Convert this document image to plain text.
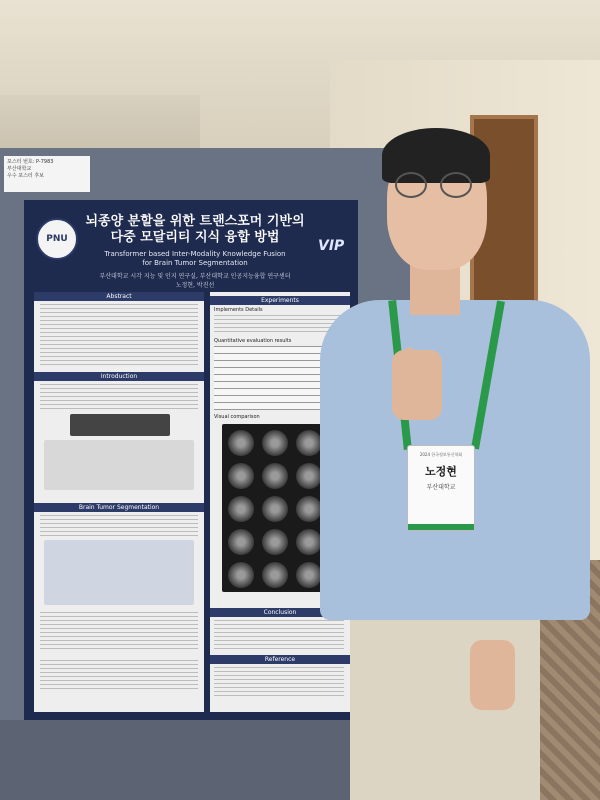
포스터 번호: P-7983
부산대학교
우수 포스터 후보
PNU
뇌종양 분할을 위한 트랜스포머 기반의
다중 모달리티 지식 융합 방법
VIP
Transformer based Inter-Modality Knowledge Fusion
for Brain Tumor Segmentation
부산대학교 시각 지능 및 인지 연구실, 부산대학교 인공지능융합 연구센터
노정현, 박진선
Abstract
Introduction
Brain Tumor Segmentation
Experiments
Implements Details
Quantitative evaluation results
Visual comparison
Conclusion
Reference
2024 한국정보통신학회
노정현
부산대학교
